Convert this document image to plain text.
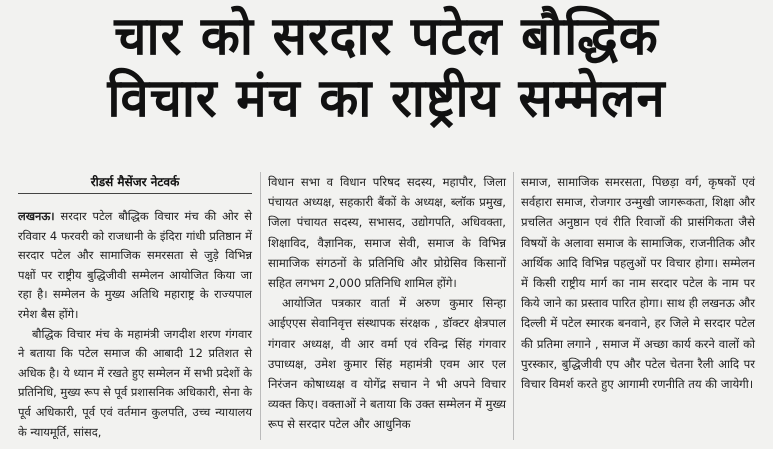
चार को सरदार पटेल बौद्धिक
विचार मंच का राष्ट्रीय सम्मेलन
रीडर्स मैसेंजर नेटवर्क

लखनऊ। सरदार पटेल बौद्धिक विचार मंच की ओर से रविवार 4 फरवरी को राजधानी के इंदिरा गांधी प्रतिष्ठान में सरदार पटेल और सामाजिक समरसता से जुड़े विभिन्न पक्षों पर राष्ट्रीय बुद्धिजीवी सम्मेलन आयोजित किया जा रहा है। सम्मेलन के मुख्य अतिथि महाराष्ट्र के राज्यपाल रमेश बैस होंगे।

बौद्धिक विचार मंच के महामंत्री जगदीश शरण गंगवार ने बताया कि पटेल समाज की आबादी 12 प्रतिशत से अधिक है। ये ध्यान में रखते हुए सम्मेलन में सभी प्रदेशों के प्रतिनिधि, मुख्य रूप से पूर्व प्रशासनिक अधिकारी, सेना के पूर्व अधिकारी, पूर्व एवं वर्तमान कुलपति, उच्च न्यायालय के न्यायमूर्ति, सांसद,

विधान सभा व विधान परिषद सदस्य, महापौर, जिला पंचायत अध्यक्ष, सहकारी बैंकों के अध्यक्ष, ब्लॉक प्रमुख, जिला पंचायत सदस्य, सभासद, उद्योगपति, अधिवक्ता, शिक्षाविद, वैज्ञानिक, समाज सेवी, समाज के विभिन्न सामाजिक संगठनों के प्रतिनिधि और प्रोग्रेसिव किसानों सहित लगभग 2,000 प्रतिनिधि शामिल होंगे।

आयोजित पत्रकार वार्ता में अरुण कुमार सिन्हा आईएएस सेवानिवृत्त संस्थापक संरक्षक , डॉक्टर क्षेत्रपाल गंगवार अध्यक्ष, वी आर वर्मा एवं रविन्द्र सिंह गंगवार उपाध्यक्ष, उमेश कुमार सिंह महामंत्री एवम आर एल निरंजन कोषाध्यक्ष व योगेंद्र सचान ने भी अपने विचार व्यक्त किए। वक्ताओं ने बताया कि उक्त सम्मेलन में मुख्य रूप से सरदार पटेल और आधुनिक

समाज, सामाजिक समरसता, पिछड़ा वर्ग, कृषकों एवं सर्वहारा समाज, रोजगार उन्मुखी जागरूकता, शिक्षा और प्रचलित अनुष्ठान एवं रीति रिवाजों की प्रासंगिकता जैसे विषयों के अलावा समाज के सामाजिक, राजनीतिक और आर्थिक आदि विभिन्न पहलुओं पर विचार होगा। सम्मेलन में किसी राष्ट्रीय मार्ग का नाम सरदार पटेल के नाम पर किये जाने का प्रस्ताव पारित होगा। साथ ही लखनऊ और दिल्ली में पटेल स्मारक बनवाने, हर जिले मे सरदार पटेल की प्रतिमा लगाने , समाज में अच्छा कार्य करने वालों को पुरस्कार, बुद्धिजीवी एप और पटेल चेतना रैली आदि पर विचार विमर्श करते हुए आगामी रणनीति तय की जायेगी।
